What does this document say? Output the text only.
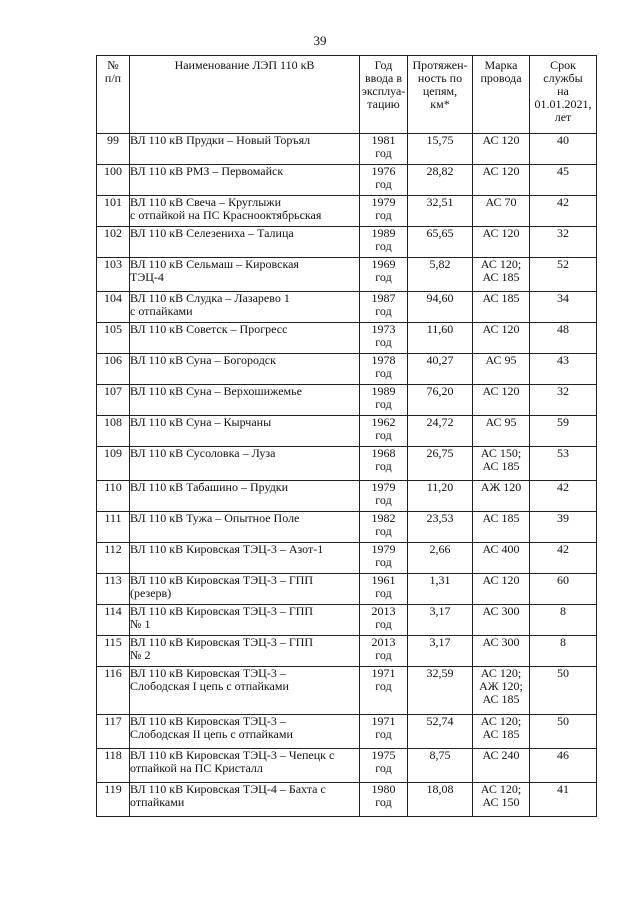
39
№
п/п	Наименование ЛЭП 110 кВ	Год
ввода в
эксплуа-
тацию	Протяжен-
ность по
цепям,
км*	Марка
провода	Срок
службы
на
01.01.2021,
лет
99	ВЛ 110 кВ Прудки – Новый Торъял	1981
год	15,75	АС 120	40
100	ВЛ 110 кВ РМЗ – Первомайск	1976
год	28,82	АС 120	45
101	ВЛ 110 кВ Свеча – Круглыжи
с отпайкой на ПС Краснооктябрьская	1979
год	32,51	АС 70	42
102	ВЛ 110 кВ Селезениха – Талица	1989
год	65,65	АС 120	32
103	ВЛ 110 кВ Сельмаш – Кировская
ТЭЦ-4	1969
год	5,82	АС 120;
АС 185	52
104	ВЛ 110 кВ Слудка – Лазарево 1
с отпайками	1987
год	94,60	АС 185	34
105	ВЛ 110 кВ Советск – Прогресс	1973
год	11,60	АС 120	48
106	ВЛ 110 кВ Суна – Богородск	1978
год	40,27	АС 95	43
107	ВЛ 110 кВ Суна – Верхошижемье	1989
год	76,20	АС 120	32
108	ВЛ 110 кВ Суна – Кырчаны	1962
год	24,72	АС 95	59
109	ВЛ 110 кВ Сусоловка – Луза	1968
год	26,75	АС 150;
АС 185	53
110	ВЛ 110 кВ Табашино – Прудки	1979
год	11,20	АЖ 120	42
111	ВЛ 110 кВ Тужа – Опытное Поле	1982
год	23,53	АС 185	39
112	ВЛ 110 кВ Кировская ТЭЦ-3 – Азот-1	1979
год	2,66	АС 400	42
113	ВЛ 110 кВ Кировская ТЭЦ-3 – ГПП
(резерв)	1961
год	1,31	АС 120	60
114	ВЛ 110 кВ Кировская ТЭЦ-3 – ГПП
№ 1	2013
год	3,17	АС 300	8
115	ВЛ 110 кВ Кировская ТЭЦ-3 – ГПП
№ 2	2013
год	3,17	АС 300	8
116	ВЛ 110 кВ Кировская ТЭЦ-3 –
Слободская I цепь с отпайками	1971
год	32,59	АС 120;
АЖ 120;
АС 185	50
117	ВЛ 110 кВ Кировская ТЭЦ-3 –
Слободская II цепь с отпайками	1971
год	52,74	АС 120;
АС 185	50
118	ВЛ 110 кВ Кировская ТЭЦ-3 – Чепецк с
отпайкой на ПС Кристалл	1975
год	8,75	АС 240	46
119	ВЛ 110 кВ Кировская ТЭЦ-4 – Бахта с
отпайками	1980
год	18,08	АС 120;
АС 150	41
